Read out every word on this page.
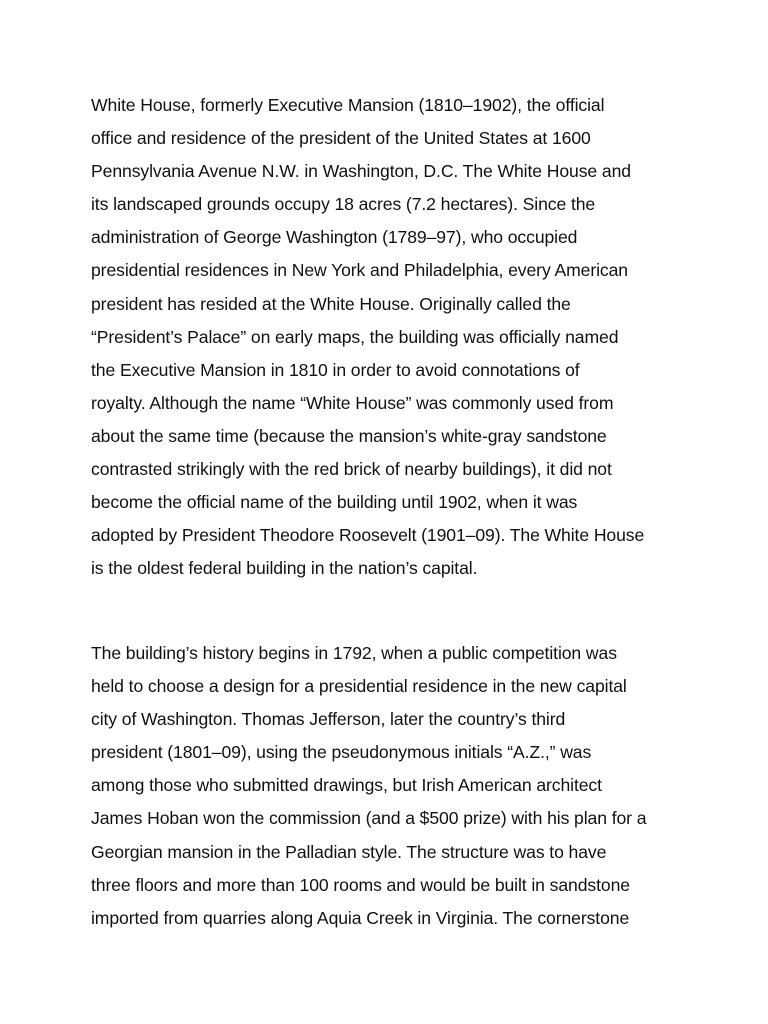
White House, formerly Executive Mansion (1810–1902), the official
office and residence of the president of the United States at 1600
Pennsylvania Avenue N.W. in Washington, D.C. The White House and
its landscaped grounds occupy 18 acres (7.2 hectares). Since the
administration of George Washington (1789–97), who occupied
presidential residences in New York and Philadelphia, every American
president has resided at the White House. Originally called the
“President’s Palace” on early maps, the building was officially named
the Executive Mansion in 1810 in order to avoid connotations of
royalty. Although the name “White House” was commonly used from
about the same time (because the mansion’s white-gray sandstone
contrasted strikingly with the red brick of nearby buildings), it did not
become the official name of the building until 1902, when it was
adopted by President Theodore Roosevelt (1901–09). The White House
is the oldest federal building in the nation’s capital.

The building’s history begins in 1792, when a public competition was
held to choose a design for a presidential residence in the new capital
city of Washington. Thomas Jefferson, later the country’s third
president (1801–09), using the pseudonymous initials “A.Z.,” was
among those who submitted drawings, but Irish American architect
James Hoban won the commission (and a $500 prize) with his plan for a
Georgian mansion in the Palladian style. The structure was to have
three floors and more than 100 rooms and would be built in sandstone
imported from quarries along Aquia Creek in Virginia. The cornerstone
